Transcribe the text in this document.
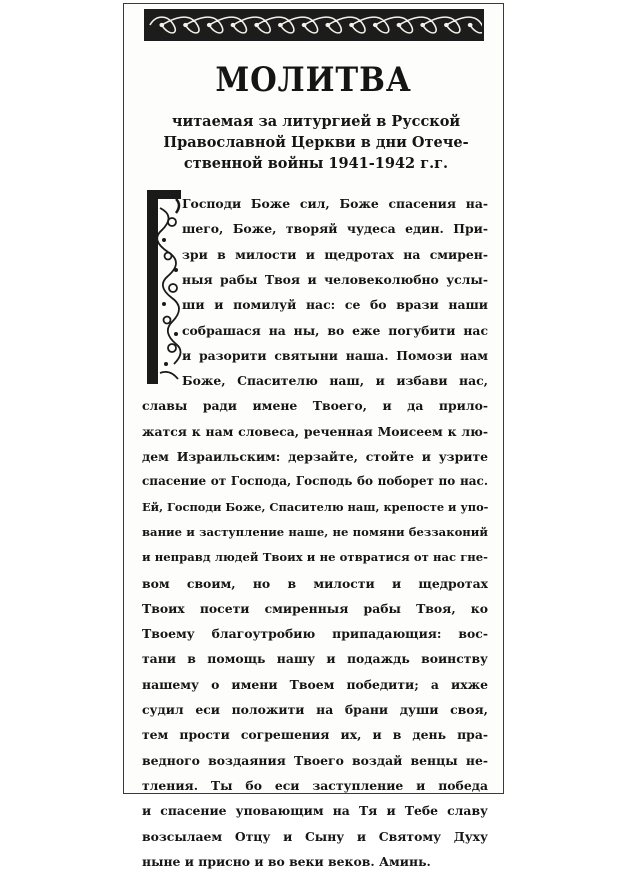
МОЛИТВА
читаемая за литургией в Русской
Православной Церкви в дни Отече-
ственной войны 1941-1942 г.г.
Господи Боже сил, Боже спасения на-
шего, Боже, творяй чудеса един. При-
зри в милости и щедротах на смирен-
ныя рабы Твоя и человеколюбно услы-
ши и помилуй нас: се бо врази наши
собрашася на ны, во еже погубити нас
и разорити святыни наша. Помози нам
Боже, Спасителю наш, и избави нас,
славы ради имене Твоего, и да прило-
жатся к нам словеса, реченная Моисеем к лю-
дем Израильским: дерзайте, стойте и узрите
спасение от Господа, Господь бо поборет по нас.
Ей, Господи Боже, Спасителю наш, крепосте и упо-
вание и заступление наше, не помяни беззаконий
и неправд людей Твоих и не отвратися от нас гне-
вом своим, но в милости и щедротах
Твоих посети смиренныя рабы Твоя, ко
Твоему благоутробию припадающия: вос-
тани в помощь нашу и подаждь воинству
нашему о имени Твоем победити; а ихже
судил еси положити на брани души своя,
тем прости согрешения их, и в день пра-
ведного воздаяния Твоего воздай венцы не-
тления. Ты бо еси заступление и победа
и спасение уповающим на Тя и Тебе славу
возсылаем Отцу и Сыну и Святому Духу
ныне и присно и во веки веков. Аминь.
